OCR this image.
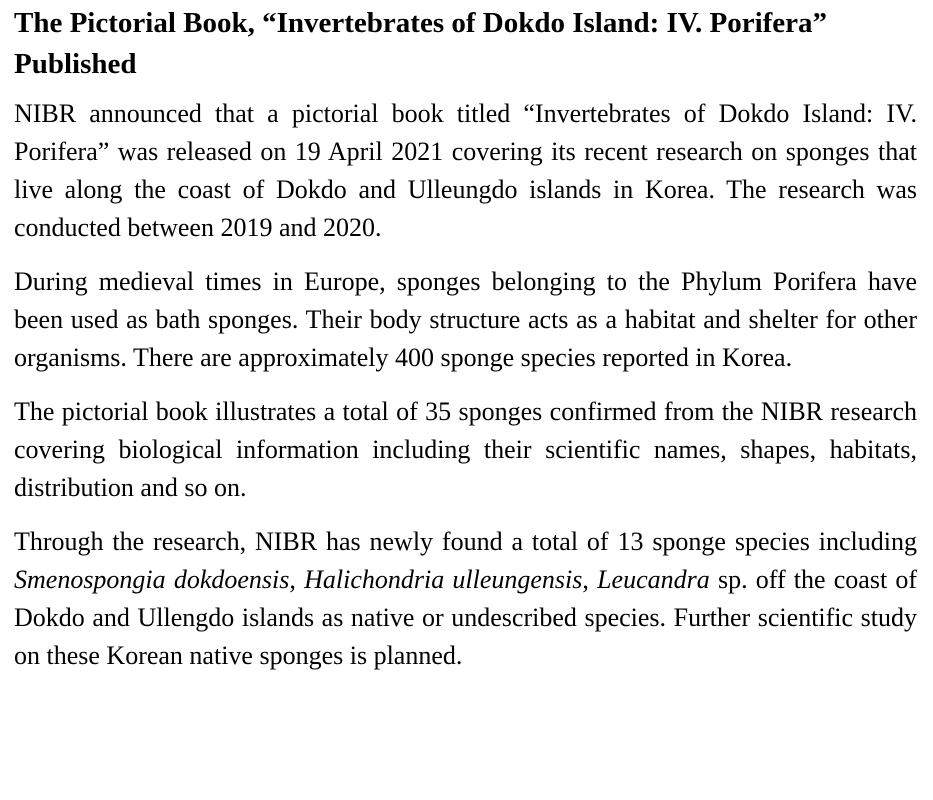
The Pictorial Book, “Invertebrates of Dokdo Island: IV. Porifera” Published

NIBR announced that a pictorial book titled “Invertebrates of Dokdo Island: IV. Porifera” was released on 19 April 2021 covering its recent research on sponges that live along the coast of Dokdo and Ulleungdo islands in Korea. The research was conducted between 2019 and 2020.

During medieval times in Europe, sponges belonging to the Phylum Porifera have been used as bath sponges. Their body structure acts as a habitat and shelter for other organisms. There are approximately 400 sponge species reported in Korea.

The pictorial book illustrates a total of 35 sponges confirmed from the NIBR research covering biological information including their scientific names, shapes, habitats, distribution and so on.

Through the research, NIBR has newly found a total of 13 sponge species including Smenospongia dokdoensis, Halichondria ulleungensis, Leucandra sp. off the coast of Dokdo and Ullengdo islands as native or undescribed species. Further scientific study on these Korean native sponges is planned.
